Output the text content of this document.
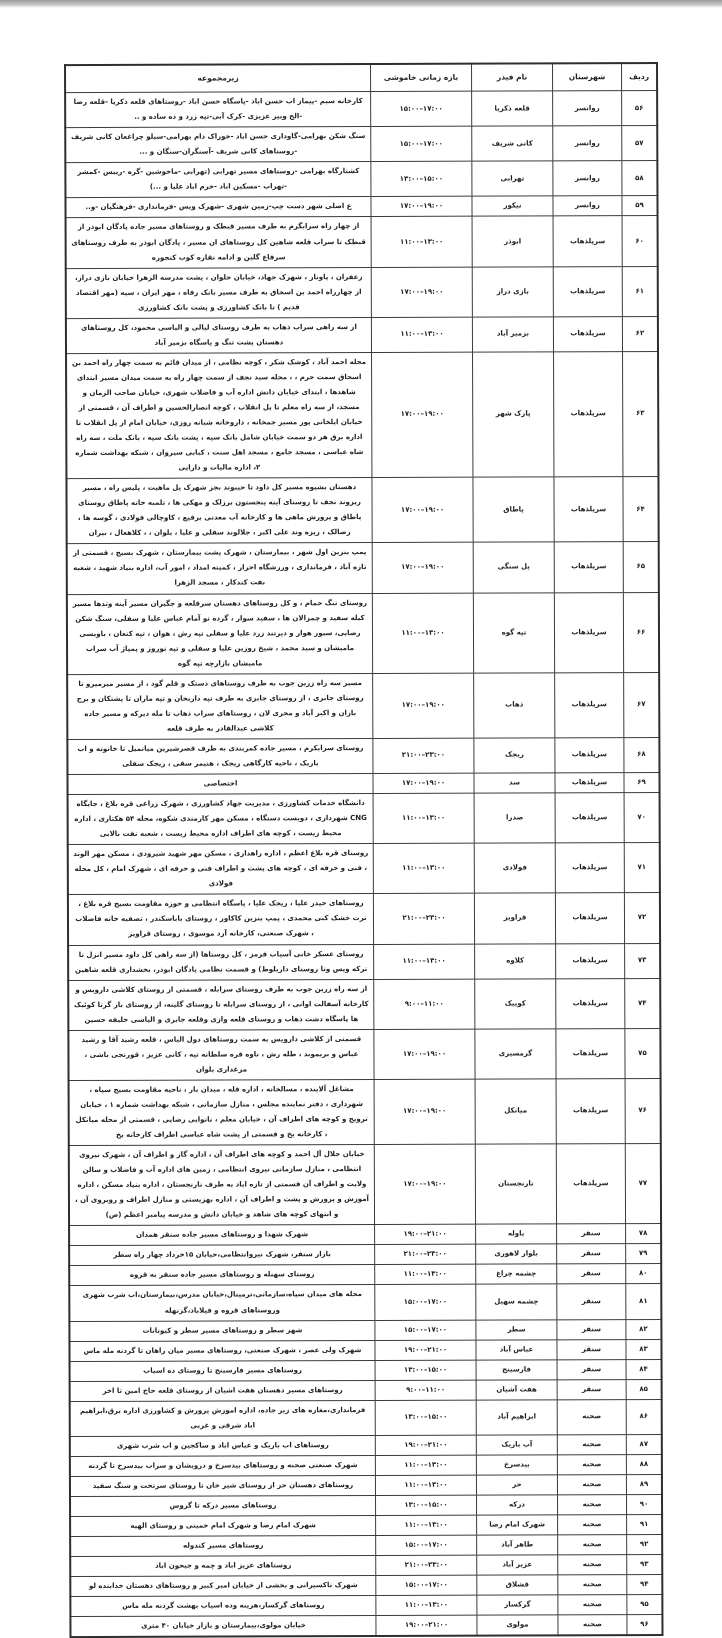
ردیف	شهرستان	نام فیدر	بازه زمانی خاموشی	زیرمجموعه
۵۶	روانسر	قلعه ذکریا	۱۵:۰۰–۱۷:۰۰	کارخانه سیم -پیماز اب حسن اباد -پاسگاه حسن اباد -روستاهای قلعه ذکریا -قلعه رضا -الج وبیر عزیزی -کرک آبی-تپه زرد و ده ساده و ..
۵۷	روانسر	کانی شریف	۱۵:۰۰–۱۷:۰۰	سنگ شکن بهرامی-گاوداری حسن اباد -خوراک دام بهرامی-سیلو چراغعان کانی شریف -روستاهای کانی شریف -آسنگران-سنگان و ...
۵۸	روانسر	تهرابی	۱۳:۰۰–۱۵:۰۰	کشتارگاه بهرامی -روستاهای مسیر تهرابی (تهرابی -ماخوشین -گره -رییس -کمشر -تهراب -مسکین اباد -خرم اباد علیا و ...)
۵۹	روانسر	نیکور	۱۷:۰۰–۱۹:۰۰	ع اصلی شهر دست چپ-زمین شهری -شهرک ویس -فرمانداری -فرهنگیان -و..
۶۰	سرپلذهاب	ابوذر	۱۱:۰۰–۱۳:۰۰	از چهار راه سرابگرم به طرف مسیر قبطک و روستاهای مسیر جاده پادگان ابوذر از قبطک تا سراب قلعه شاهین کل روستاهای ان مسیر ، پادگان ابوذر به طرف روستاهای سرقاع گلین و ادامه نقاره کوب کنجوره
۶۱	سرپلذهاب	بازی دراز	۱۷:۰۰–۱۹:۰۰	زعفران ، پاونار ، شهرک جهاد، خیابان حلوان ، پشت مدرسه الزهرا خیابان بازی دراز، از چهارراه احمد بن اسحاق به طرف مسیر بانک رفاه ، مهر ایران ، سپه (مهر اقتصاد قدیم ) تا بانک کشاورزی و پشت بانک کشاورزی
۶۲	سرپلذهاب	بزمیر آباد	۱۱:۰۰–۱۳:۰۰	از سه راهی سراب ذهاب به طرف روستای لیالی و الیاسی محمود، کل روستاهای دهستان پشت تنگ و پاسگاه بزمیر آباد
۶۳	سرپلذهاب	پارک شهر	۱۷:۰۰–۱۹:۰۰	محله احمد آباد ، کوشک شکر ، کوچه نظامی ، از میدان قائم به سمت چهار راه احمد بن اسحاق سمت حرم ، ، محله سید نجف از سمت چهار راه به سمت میدان مسیر ابتدای شاهدها ، ابتدای خیابان دانش اداره آب و فاضلاب شهری، خیابان صاحب الزمان و مسجد، از سه راه معلم تا پل انقلاب ، کوچه انصارالحسین و اطراف آن ، قسمتی از خیابان ایلخانی پور مسیر جمخانه ، داروخانه شبانه روزی، خیابان امام از پل انقلاب تا اداره برق هر دو سمت خیابان شامل بانک سپه ، پشت بانک سپه ، بانک ملت ، سه راه شاه عباسی ، مسجد جامع ، مسجد اهل سنت ، کبابی سیروان ، شبکه بهداشت شماره ۲، اداره مالیات و دارایی
۶۴	سرپلذهاب	پاطاق	۱۷:۰۰–۱۹:۰۰	دهستان بشیوه مسیر کل داود تا حیبوند بجز شهرک پل ماهیت ، پلیس راه ، مسیر ریزوند نجف تا روستای آینه پنجستون برزلک و مهکی ها ، تلمبه خانه پاطاق روستای پاطاق و پرورش ماهی ها و کارخانه آب معدنی برفیع ، کاوچالی فولادی ، گوسه ها ، رضالک ، ریزه وند علی اکبر ، جلالوند سفلی و علیا ، بلوان ، ، کلاهعال ، بیران
۶۵	سرپلذهاب	پل سنگی	۱۷:۰۰–۱۹:۰۰	پمپ بنزین اول شهر ، بیمارستان ، شهرک پشت بیمارستان ، شهرک بسیج ، قسمتی از تازه آباد ، فرمانداری ، ورزشگاه احرار ، کمیته امداد ، امور آب، اداره بنیاد شهید ، شعبه نفت کندکار ، مسجد الزهرا
۶۶	سرپلذهاب	تپه گوه	۱۱:۰۰–۱۳:۰۰	روستای تنگ حمام ، و کل روستاهای دهستان سرقلعه و جگیران مسیر آینه وتدها مسیر کیله سفید و چمزالان ها ، سفید سوار ، گرده تو آمام عباس علیا و سفلی، سنگ شکن رضایی، سیور هوار و دیرتند زرد علیا و سفلی تپه رش ، هوان ، تپه کنعان ، باویسی مامیشان و سید محمد ، شیخ روزین علیا و سفلی و تپه نوروز و پمپاژ آب سراب مامیشان بازارچه تپه گوه
۶۷	سرپلذهاب	ذهاب	۱۷:۰۰–۱۹:۰۰	مسیر سه راه زرین جوب به طرف روستاهای دستک و قلم گود ، از مسیر میرمیرو تا روستای جابری ، از روستای جابری به طرف تپه داربخان و تپه ماران تا پشتکان و برج بازان و اکبر آباد و مجری لان ، روستاهای سراب ذهاب تا مله دیرکه و مسیر جاده کلاشی عبدالقادر به طرف قلعه
۶۸	سرپلذهاب	ریجک	۲۱:۰۰–۲۳:۰۰	روستای سرابکرم ، مسیر جاده کمربندی به طرف قصرشیرین میانمیل تا خانوته و اب باریک ، ناحیه کارگاهی ریجک ، هنیمر سقی ، ریجک سفلی
۶۹	سرپلذهاب	سد	۱۷:۰۰–۱۹:۰۰	اختصاصی
۷۰	سرپلذهاب	صدرا	۱۱:۰۰–۱۳:۰۰	دانشگاه خدمات کشاورزی ، مدیریت جهاد کشاورزی ، شهرک زراعی قره بلاغ ، جایگاه CNG شهرداری ، دویست دستگاه ، مسکن مهر کارمندی شکوه، محله ۵۴ هکتاری ، اداره محیط زیست ، کوچه های اطراف اداره محیط زیست ، شعبه نفت بالایی
۷۱	سرپلذهاب	فولادی	۱۱:۰۰–۱۳:۰۰	روستای قره بلاغ اعظم ، اداره راهداری ، مسکن مهر شهید شیرودی ، مسکن مهر الوند ، فنی و حرفه ای ، کوچه های پشت و اطراف فنی و حرفه ای ، شهرک امام ، کل محله فولادی
۷۲	سرپلذهاب	قراویز	۲۱:۰۰–۲۳:۰۰	روستاهای حیدر علیا ، ریجک علیا ، پاسگاه انتظامی و حوزه مقاومت بسیج قره بلاغ ، ترت خشک کنی محمدی ، پمپ بنزین کاکاور ، روستای باباسکندر ، تصفیه خانه فاضلاب ، شهرک صنعتی، کارخانه آرد موسوی ، روستای قراویز
۷۳	سرپلذهاب	کلاوه	۱۱:۰۰–۱۳:۰۰	روستای عسکر خانی آسیاب قرمز ، کل روستاها (از سه راهی کل داود مسیر انزل تا ترکه ویس وتا روستای داربلوط) و قسمت نظامی پادگان ابوذر، بخشداری قلعه شاهین
۷۴	سرپلذهاب	کوییک	۹:۰۰–۱۱:۰۰	از سه راه زرین جوب به طرف روستای سرابله ، قسمتی از روستای کلاشی دارویس و کارخانه آسفالت اوانی ، از روستای سرابله تا روستای گلینه، از روستای باز گرتا کوئیک ها پاسگاه دشت ذهاب و روستای قلعه وازی وقلعه جابری و الیاسی خلیفه حسین
۷۵	سرپلذهاب	گرمسیری	۱۷:۰۰–۱۹:۰۰	قسمتی از کلاشی دارویس به سمت روستاهای دول الیاس ، قلعه رشید آقا و رشید عباس و بریموند ، طله رش ، ناوه قره سلطانه تپه ، کانی عزیز ، قورنجی باشی ، مرغداری بلوان
۷۶	سرپلذهاب	میانکل	۱۷:۰۰–۱۹:۰۰	مشاغل آلاینده ، مسالخانه ، اداره قله ، میدان بار ، ناحیه مقاومت بسیج سپاه ، شهرداری ، دفتر نماینده مجلس ، منازل سازمانی ، شبکه بهداشت شماره ۱ ، خیابان ترویج و کوچه های اطراف آن ، خیابان معلم ، نانوایی رضایی ، قسمتی از محله میانکل ، کارخانه یخ و قسمتی از پشت شاه عباسی اطراف کارخانه یخ
۷۷	سرپلذهاب	نارنجستان	۱۷:۰۰–۱۹:۰۰	خیابان جلال آل احمد و کوچه های اطراف آن ، اداره گاز و اطراف آن ، شهرک نیروی انتظامی ، منازل سازمانی نیروی انتظامی ، زمین های اداره آب و فاضلاب و سالن ولایت و اطراف آن قسمتی از تازه اباد به طرف نارنجستان ، اداره بنیاد مسکن ، اداره آموزش و پرورش و پشت و اطراف آن ، اداره بهزیستی و منازل اطراف و روبروی آن ، و انتهای کوچه های شاهد و خیابان دانش و مدرسه پیامبر اعظم (ص)
۷۸	سنقر	باوله	۱۹:۰۰–۲۱:۰۰	شهرک شهدا و روستاهای مسیر جاده سنقر همدان
۷۹	سنقر	بلوار لاهوری	۲۱:۰۰–۲۳:۰۰	بازار سنقر، شهرک نیروانتظامی،خیابان ۱۵خرداد چهار راه سطر
۸۰	سنقر	چشمه چراغ	۱۱:۰۰–۱۳:۰۰	روستای سهنله و روستاهای مسیر جاده سنقر به قروه
۸۱	سنقر	چشمه سهیل	۱۵:۰۰–۱۷:۰۰	محله های میدان سپاه،سازمانی،ترمینال،خیابان مدرس،بیمارستان،اب شرب شهری وروستاهای قروه و فیلاباد،گزنهله
۸۲	سنقر	سطر	۱۵:۰۰–۱۷:۰۰	شهر سطر و روستاهای مسیر سطر و کیونانات
۸۳	سنقر	عباس آباد	۱۹:۰۰–۲۱:۰۰	شهرک ولی عصر ، شهرک صنعتی، روستاهای مسیر میان راهان تا گردنه مله ماس
۸۴	سنقر	فارسینج	۱۳:۰۰–۱۵:۰۰	روستاهای مسیر فارسینج تا روستای ده اسیاب
۸۵	سنقر	هفت آشیان	۹:۰۰–۱۱:۰۰	روستاهای مسیر دهستان هفت اشیان از روستای قلعه حاج امین تا اخر
۸۶	صحنه	ابراهیم آباد	۱۳:۰۰–۱۵:۰۰	فرمانداری،مغازه های زیر جاده، اداره اموزش پرورش و کشاورزی اداره برق،ابراهیم اباد شرقی و غربی
۸۷	صحنه	آب باریک	۱۹:۰۰–۲۱:۰۰	روستاهای اب باریک و عباس اباد و ساکجین و اب شرب شهری
۸۸	صحنه	بیدسرخ	۱۱:۰۰–۱۳:۰۰	شهرک صنعتی صحنه و روستاهای بیدسرخ و درویشان و سراب بیدسرخ تا گردنه
۸۹	صحنه	حر	۱۱:۰۰–۱۳:۰۰	روستاهای دهستان حر از روستای شیر خان تا روستای سرتخت و سنگ سفید
۹۰	صحنه	درکه	۱۳:۰۰–۱۵:۰۰	روستاهای مسیر درکه تا گروس
۹۱	صحنه	شهرک امام رضا	۱۱:۰۰–۱۳:۰۰	شهرک امام رضا و شهرک امام خمینی و روستای الهیه
۹۲	صحنه	طاهر آباد	۱۵:۰۰–۱۷:۰۰	روستاهای مسیر کندوله
۹۳	صحنه	عزیز آباد	۲۱:۰۰–۲۳:۰۰	روستاهای عزیز اباد و چمه و جیحون اباد
۹۴	صحنه	قشلاق	۱۵:۰۰–۱۷:۰۰	شهرک تاکسیرانی و بخشی از خیابان امیر کبیر و روستاهای دهستان خدابنده لو
۹۵	صحنه	گرکسار	۱۱:۰۰–۱۳:۰۰	روستاهای گرکسار،هرینه وده اسیاب بهشت گردنه مله ماس
۹۶	صحنه	مولوی	۱۹:۰۰–۲۱:۰۰	خیابان مولوی،بیمارستان و بازار خیابان ۴۰ متری
